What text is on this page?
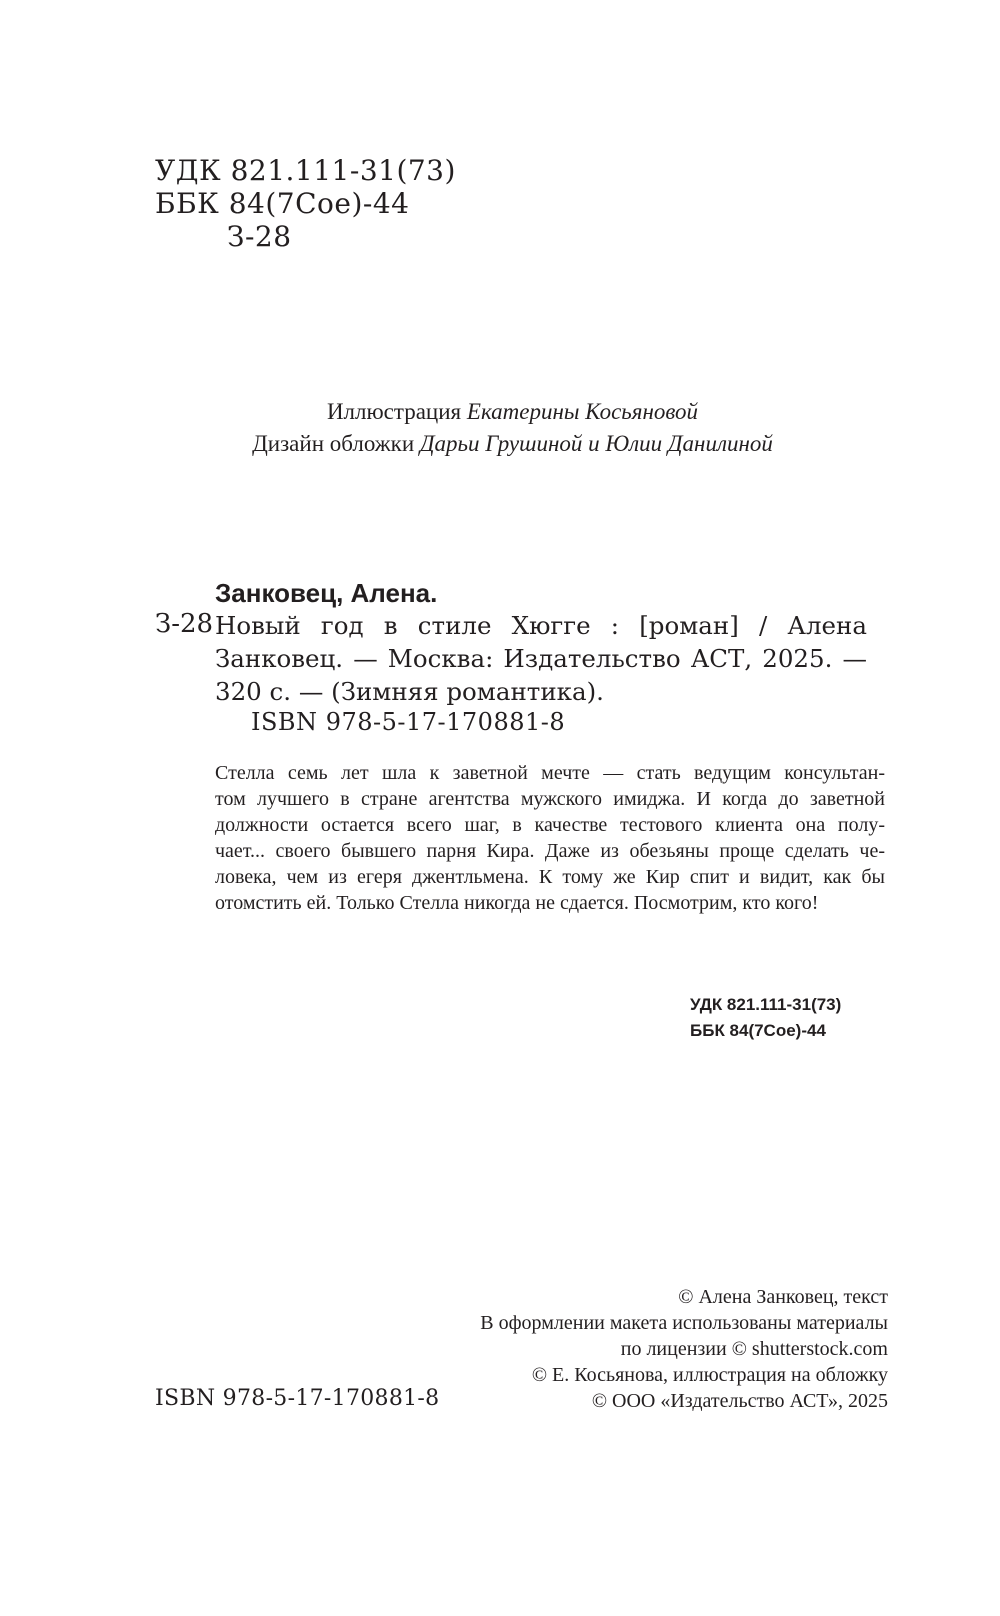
УДК 821.111-31(73)
ББК 84(7Сое)-44
З-28
Иллюстрация Екатерины Косьяновой
Дизайн обложки Дарьи Грушиной и Юлии Данилиной
Занковец, Алена.
З-28 Новый год в стиле Хюгге : [роман] / Алена
Занковец. — Москва: Издательство АСТ, 2025. —
320 с. — (Зимняя романтика).
ISBN 978-5-17-170881-8
Стелла семь лет шла к заветной мечте — стать ведущим консультан-
том лучшего в стране агентства мужского имиджа. И когда до заветной
должности остается всего шаг, в качестве тестового клиента она полу-
чает... своего бывшего парня Кира. Даже из обезьяны проще сделать че-
ловека, чем из егеря джентльмена. К тому же Кир спит и видит, как бы
отомстить ей. Только Стелла никогда не сдается. Посмотрим, кто кого!
УДК 821.111-31(73)
ББК 84(7Сое)-44
© Алена Занковец, текст
В оформлении макета использованы материалы
по лицензии © shutterstock.com
© Е. Косьянова, иллюстрация на обложку
© ООО «Издательство АСТ», 2025
ISBN 978-5-17-170881-8
